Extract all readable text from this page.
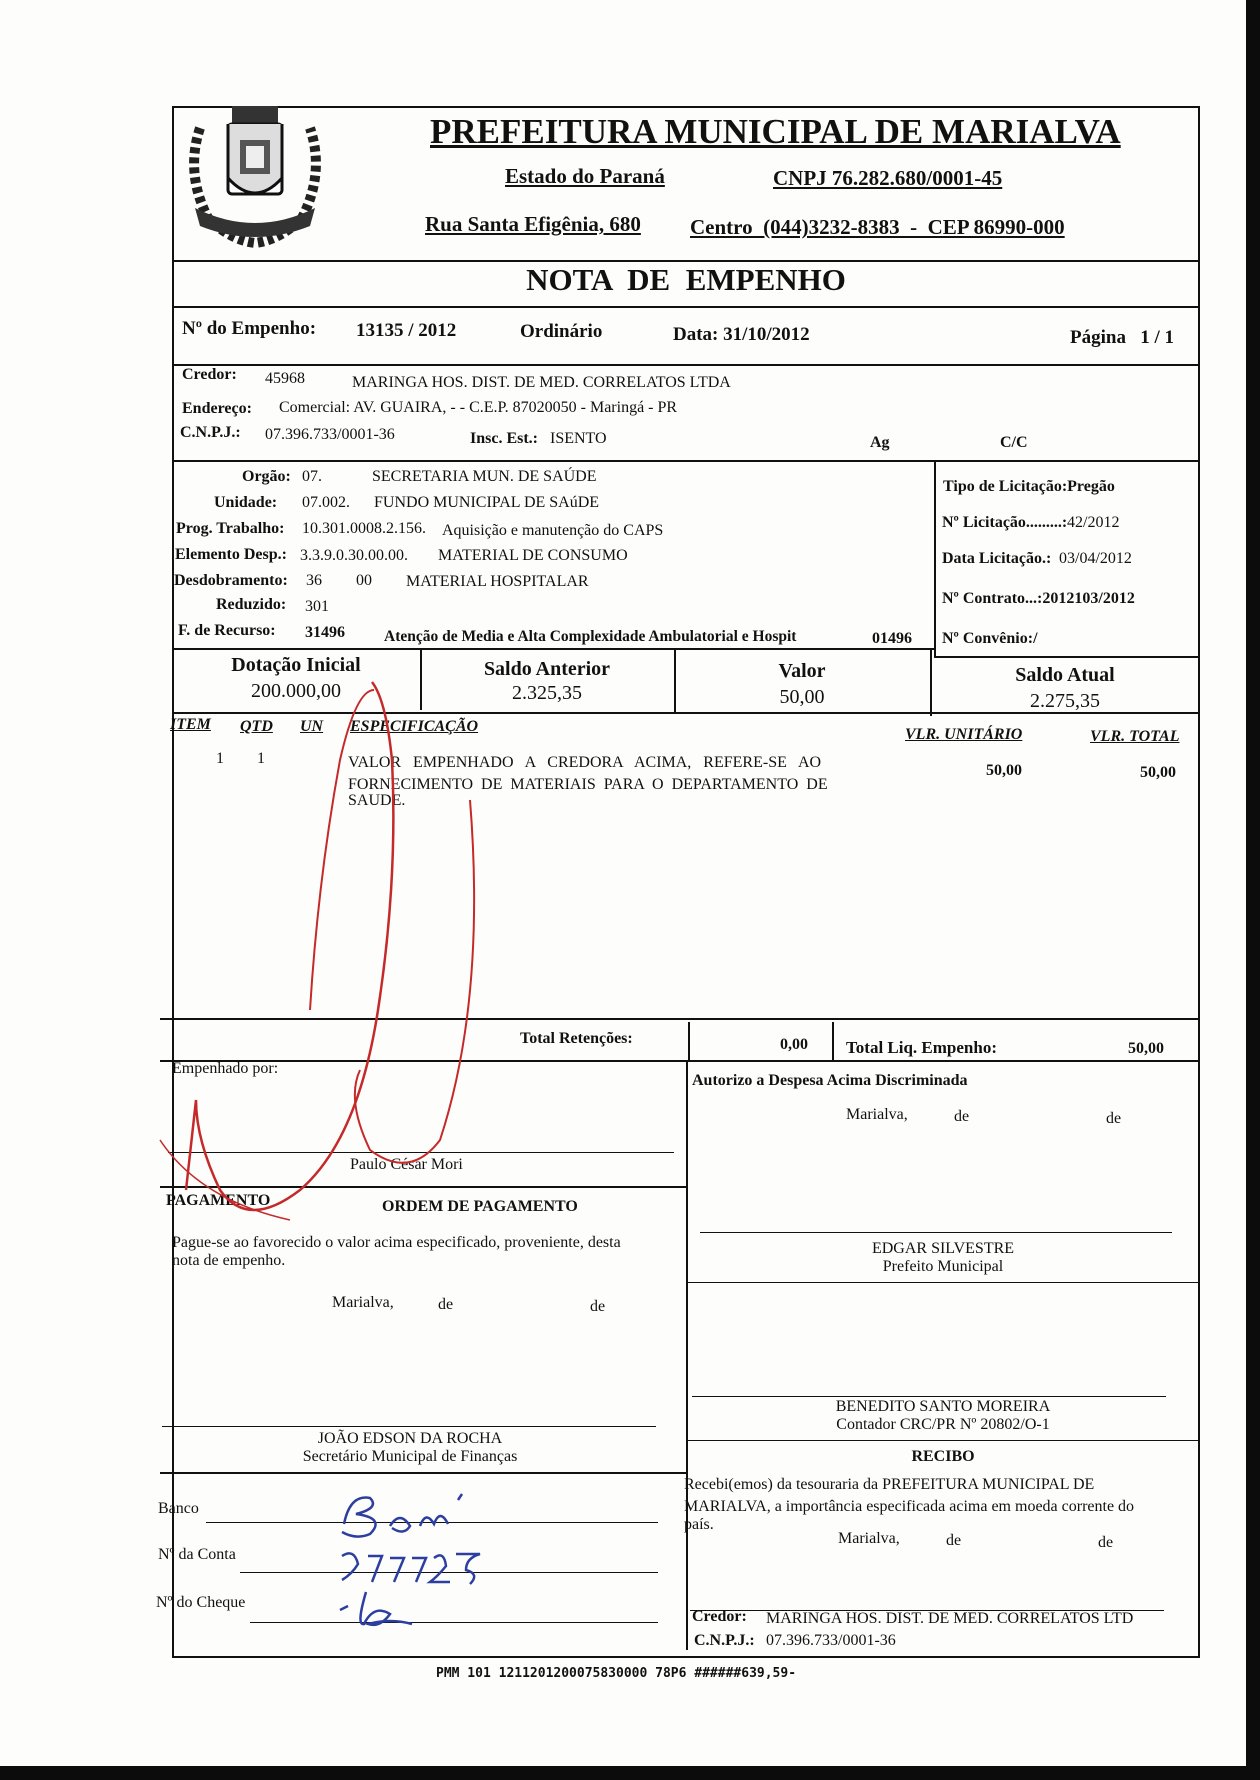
PREFEITURA MUNICIPAL DE MARIALVA
Estado do Paraná	CNPJ 76.282.680/0001-45
Rua Santa Efigênia, 680 Centro  (044)3232-8383  -  CEP 86990-000
NOTA  DE  EMPENHO
Nº do Empenho: 13135 / 2012	Ordinário	Data: 31/10/2012	Página   1 / 1
Credor: 45968	MARINGA HOS. DIST. DE MED. CORRELATOS LTDA
Endereço: Comercial: AV. GUAIRA, - - C.E.P. 87020050 - Maringá - PR
C.N.P.J.: 07.396.733/0001-36	Insc. Est.: ISENTO	Ag	C/C
Orgão: 07.	SECRETARIA MUN. DE SAÚDE
Unidade: 07.002. FUNDO MUNICIPAL DE SAúDE
Prog. Trabalho: 10.301.0008.2.156. Aquisição e manutenção do CAPS
Elemento Desp.: 3.3.9.0.30.00.00. MATERIAL DE CONSUMO
Desdobramento: 36 00 MATERIAL HOSPITALAR
Reduzido: 301
F. de Recurso: 31496	Atenção de Media e Alta Complexidade Ambulatorial e Hospit	01496
Tipo de Licitação:Pregão
Nº Licitação.........: 42/2012
Data Licitação.: 03/04/2012
Nº Contrato...:2012103/2012
Nº Convênio:/
Dotação Inicial
200.000,00
Saldo Anterior
2.325,35
Valor
50,00
Saldo Atual
2.275,35
ITEM QTD UN ESPECIFICAÇÃO	VLR. UNITÁRIO	VLR. TOTAL
1 1	VALOR   EMPENHADO   A   CREDORA   ACIMA,   REFERE-SE   AO
FORNECIMENTO  DE  MATERIAIS  PARA  O  DEPARTAMENTO  DE
SAUDE.
50,00	50,00
Total Retenções:	0,00 Total Liq. Empenho:	50,00
Empenhado por:
Paulo César Mori
Autorizo a Despesa Acima Discriminada
Marialva,	de	de
EDGAR SILVESTRE
Prefeito Municipal
BENEDITO SANTO MOREIRA
Contador CRC/PR Nº 20802/O-1
PAGAMENTO	ORDEM DE PAGAMENTO
Pague-se ao favorecido o valor acima especificado, proveniente, desta
nota de empenho.
Marialva,	de	de
JOÃO EDSON DA ROCHA
Secretário Municipal de Finanças
Banco
Nº da Conta
Nº do Cheque
RECIBO
Recebi(emos) da tesouraria da PREFEITURA MUNICIPAL DE
MARIALVA, a importância especificada acima em moeda corrente do
país.
Marialva,	de	de
Credor: MARINGA HOS. DIST. DE MED. CORRELATOS LTD
C.N.P.J.: 07.396.733/0001-36
PMM 101 1211201200075830000 78P6 ######639,59-
